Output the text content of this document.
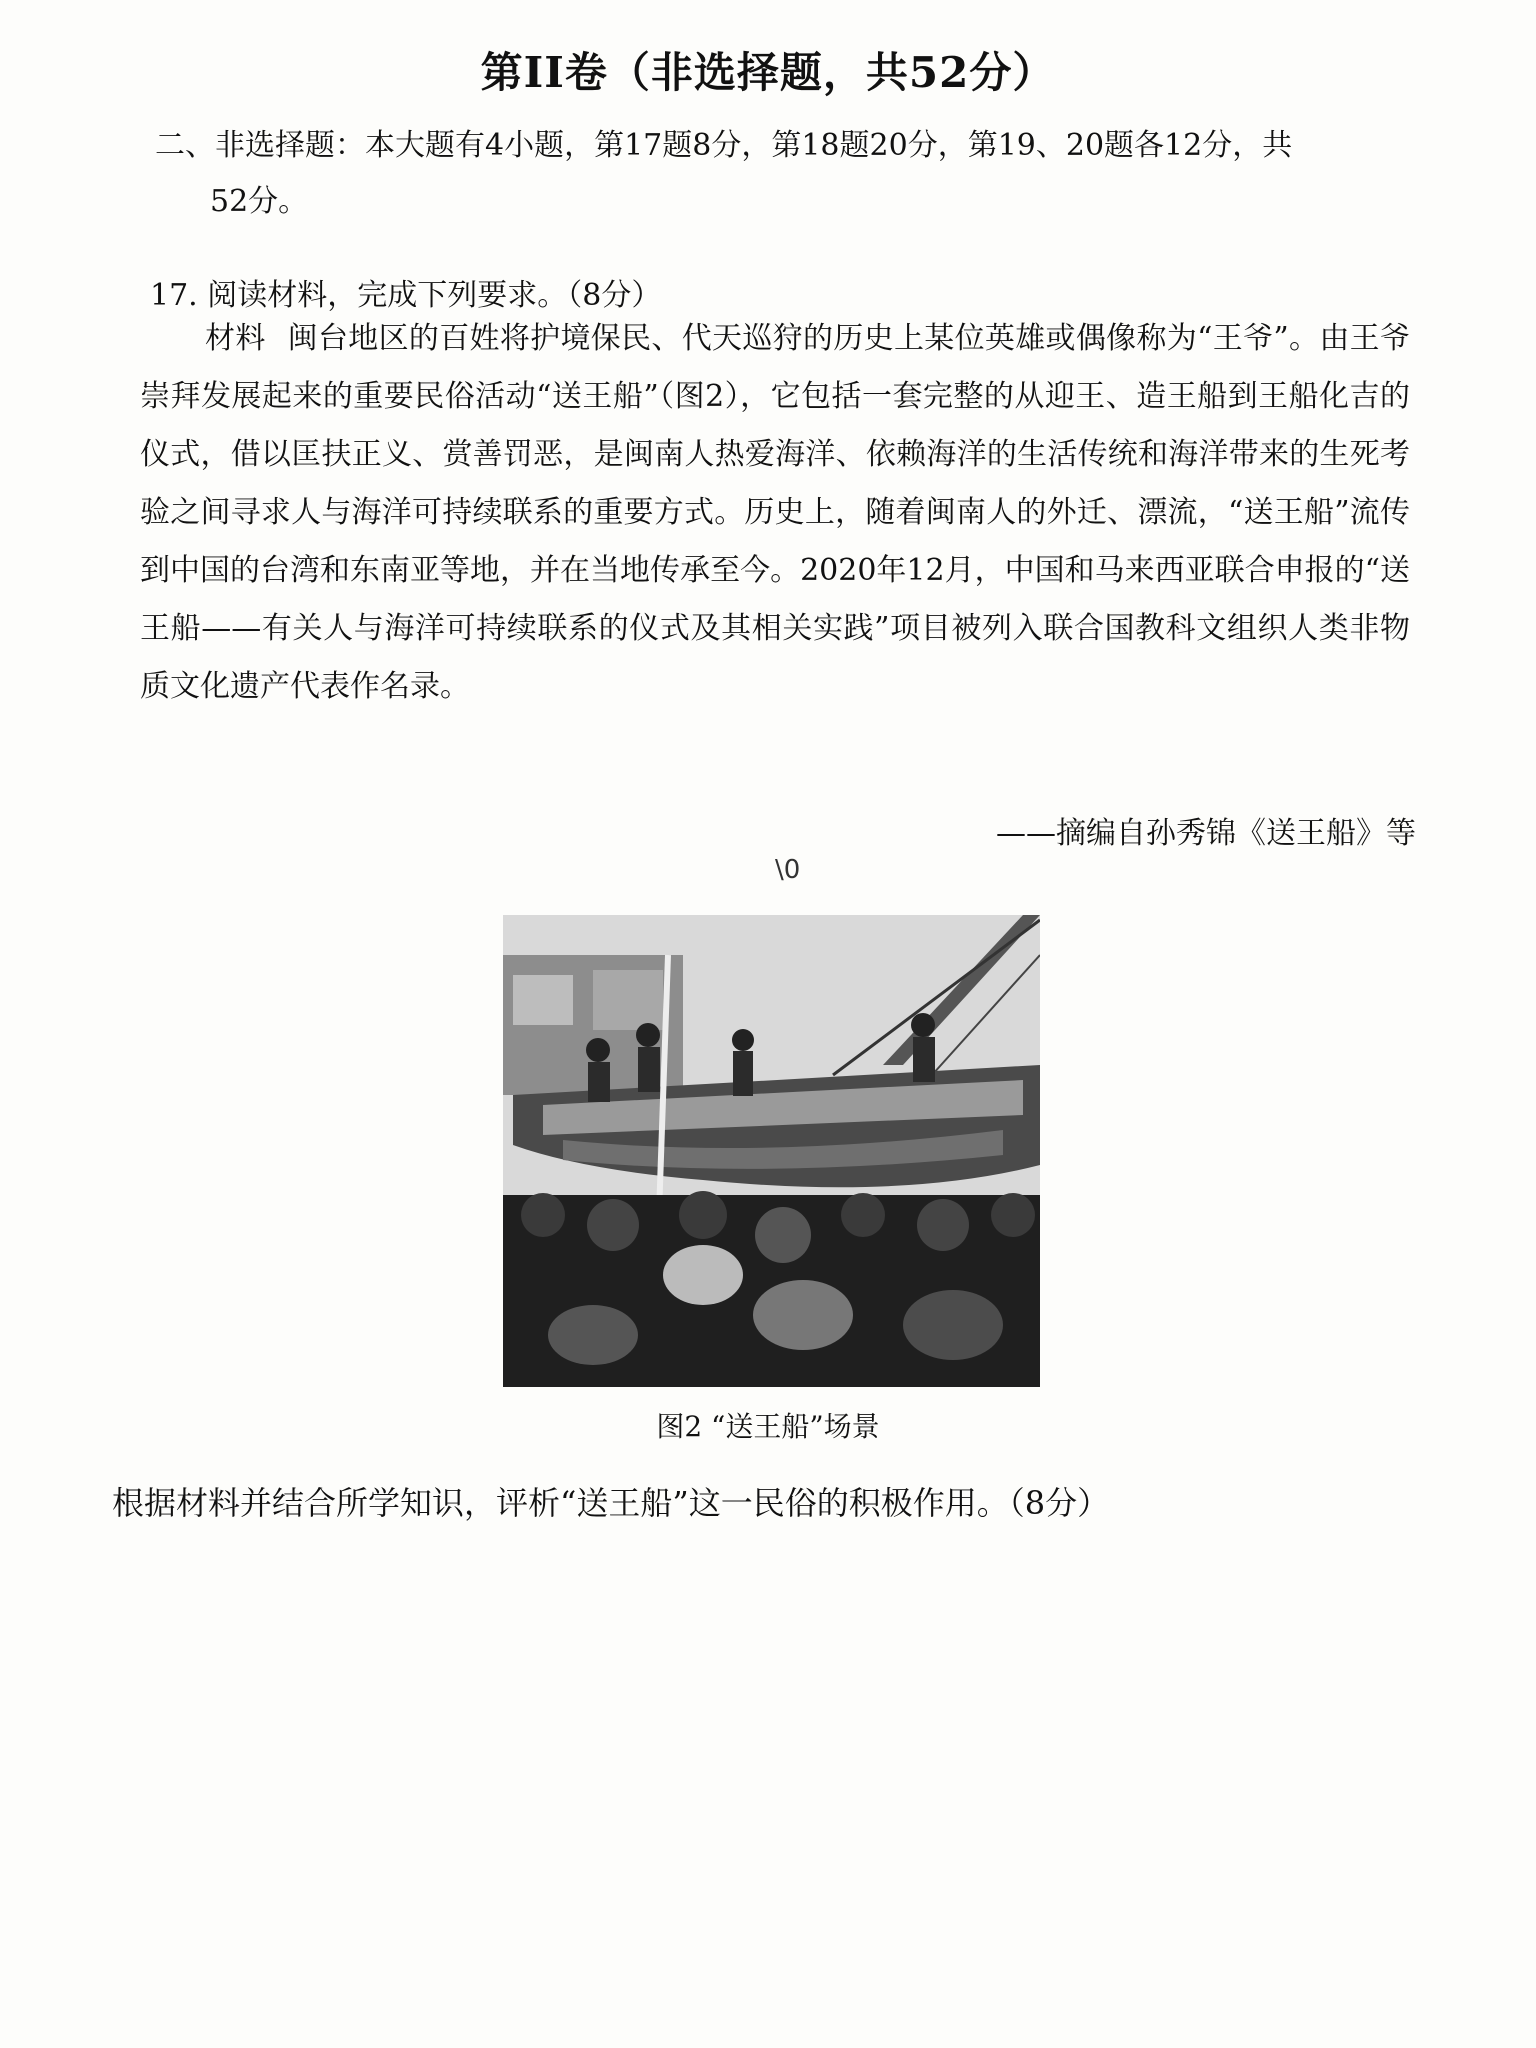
第II卷（非选择题，共52分）
二、非选择题：本大题有4小题，第17题8分，第18题20分，第19、20题各12分，共
52分。
17. 阅读材料，完成下列要求。（8分）
材料 闽台地区的百姓将护境保民、代天巡狩的历史上某位英雄或偶像称为“王爷”。由王爷崇拜发展起来的重要民俗活动“送王船”（图2），它包括一套完整的从迎王、造王船到王船化吉的仪式，借以匡扶正义、赏善罚恶，是闽南人热爱海洋、依赖海洋的生活传统和海洋带来的生死考验之间寻求人与海洋可持续联系的重要方式。历史上，随着闽南人的外迁、漂流，“送王船”流传到中国的台湾和东南亚等地，并在当地传承至今。2020年12月，中国和马来西亚联合申报的“送王船——有关人与海洋可持续联系的仪式及其相关实践”项目被列入联合国教科文组织人类非物质文化遗产代表作名录。
——摘编自孙秀锦《送王船》等
\0
图2 “送王船”场景
根据材料并结合所学知识，评析“送王船”这一民俗的积极作用。（8分）
